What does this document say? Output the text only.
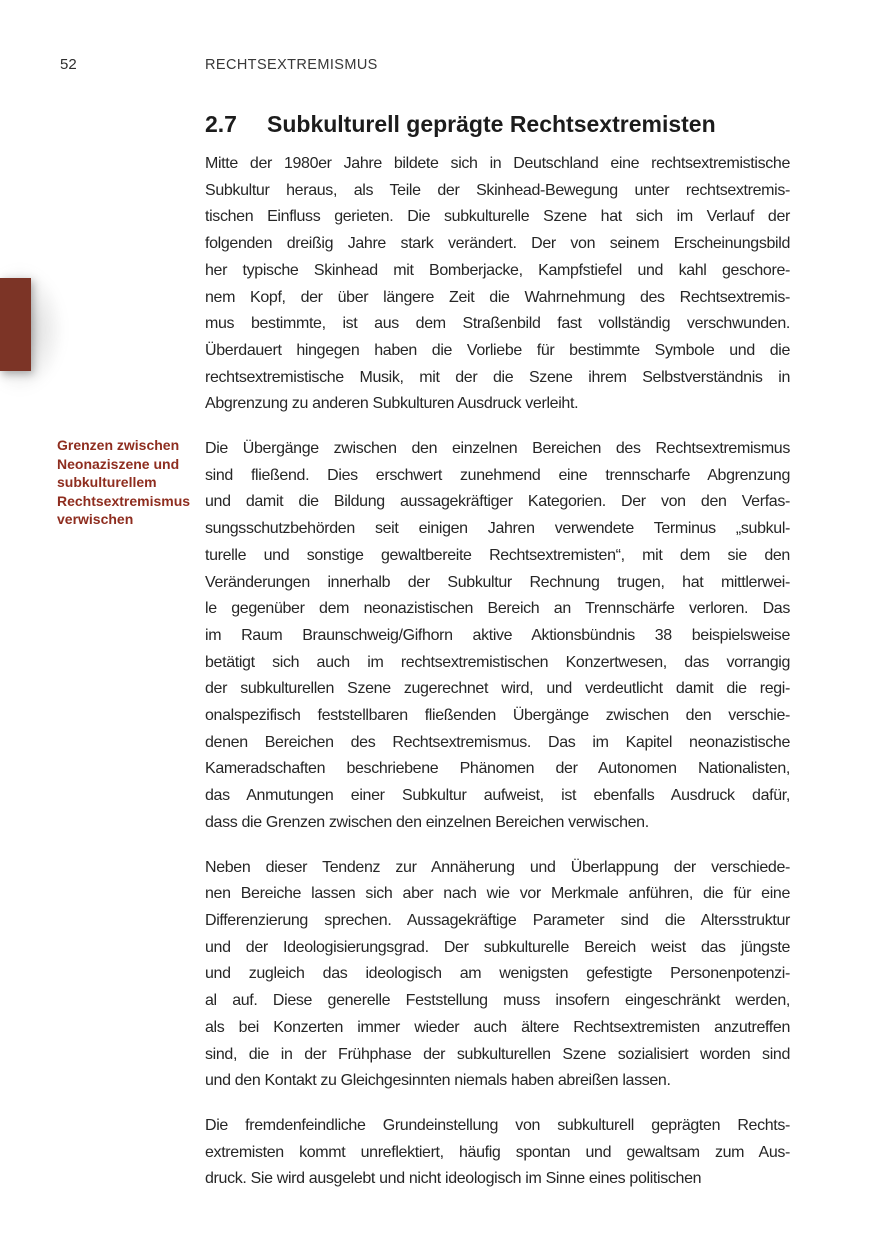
52	RECHTSEXTREMISMUS
2.7	Subkulturell geprägte Rechtsextremisten
Grenzen zwischen
Neonaziszene und
subkulturellem
Rechtsextremismus
verwischen
Mitte der 1980er Jahre bildete sich in Deutschland eine rechtsextremistische
Subkultur heraus, als Teile der Skinhead-Bewegung unter rechtsextremis-
tischen Einfluss gerieten. Die subkulturelle Szene hat sich im Verlauf der
folgenden dreißig Jahre stark verändert. Der von seinem Erscheinungsbild
her typische Skinhead mit Bomberjacke, Kampfstiefel und kahl geschore-
nem Kopf, der über längere Zeit die Wahrnehmung des Rechtsextremis-
mus bestimmte, ist aus dem Straßenbild fast vollständig verschwunden.
Überdauert hingegen haben die Vorliebe für bestimmte Symbole und die
rechtsextremistische Musik, mit der die Szene ihrem Selbstverständnis in
Abgrenzung zu anderen Subkulturen Ausdruck verleiht.
Die Übergänge zwischen den einzelnen Bereichen des Rechtsextremismus
sind fließend. Dies erschwert zunehmend eine trennscharfe Abgrenzung
und damit die Bildung aussagekräftiger Kategorien. Der von den Verfas-
sungsschutzbehörden seit einigen Jahren verwendete Terminus „subkul-
turelle und sonstige gewaltbereite Rechtsextremisten“, mit dem sie den
Veränderungen innerhalb der Subkultur Rechnung trugen, hat mittlerwei-
le gegenüber dem neonazistischen Bereich an Trennschärfe verloren. Das
im Raum Braunschweig/Gifhorn aktive Aktionsbündnis 38 beispielsweise
betätigt sich auch im rechtsextremistischen Konzertwesen, das vorrangig
der subkulturellen Szene zugerechnet wird, und verdeutlicht damit die regi-
onalspezifisch feststellbaren fließenden Übergänge zwischen den verschie-
denen Bereichen des Rechtsextremismus. Das im Kapitel neonazistische
Kameradschaften beschriebene Phänomen der Autonomen Nationalisten,
das Anmutungen einer Subkultur aufweist, ist ebenfalls Ausdruck dafür,
dass die Grenzen zwischen den einzelnen Bereichen verwischen.
Neben dieser Tendenz zur Annäherung und Überlappung der verschiede-
nen Bereiche lassen sich aber nach wie vor Merkmale anführen, die für eine
Differenzierung sprechen. Aussagekräftige Parameter sind die Altersstruktur
und der Ideologisierungsgrad. Der subkulturelle Bereich weist das jüngste
und zugleich das ideologisch am wenigsten gefestigte Personenpotenzi-
al auf. Diese generelle Feststellung muss insofern eingeschränkt werden,
als bei Konzerten immer wieder auch ältere Rechtsextremisten anzutreffen
sind, die in der Frühphase der subkulturellen Szene sozialisiert worden sind
und den Kontakt zu Gleichgesinnten niemals haben abreißen lassen.
Die fremdenfeindliche Grundeinstellung von subkulturell geprägten Rechts-
extremisten kommt unreflektiert, häufig spontan und gewaltsam zum Aus-
druck. Sie wird ausgelebt und nicht ideologisch im Sinne eines politischen
